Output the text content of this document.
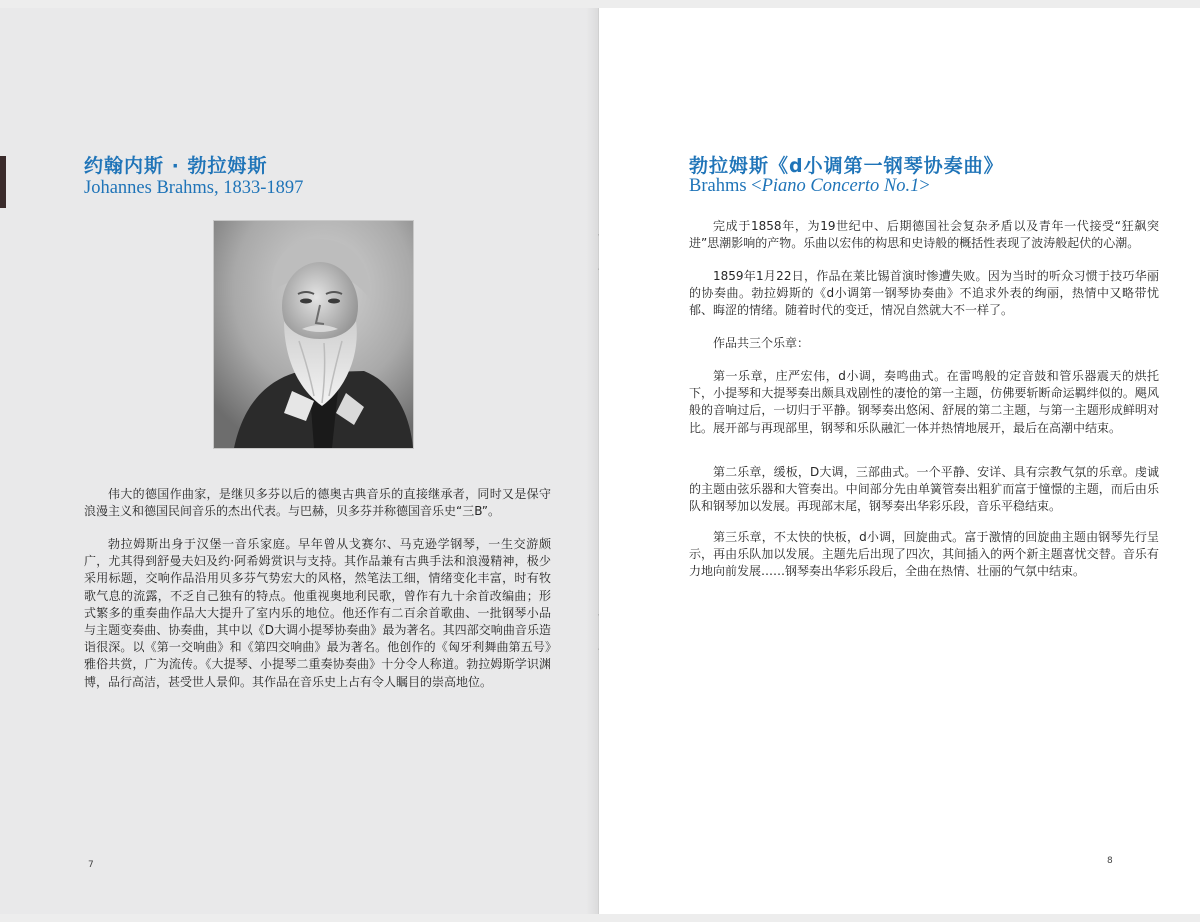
约翰内斯 · 勃拉姆斯
Johannes Brahms, 1833-1897

伟大的德国作曲家，是继贝多芬以后的德奥古典音乐的直接继承者，同时又是保守浪漫主义和德国民间音乐的杰出代表。与巴赫，贝多芬并称德国音乐史“三B”。

勃拉姆斯出身于汉堡一音乐家庭。早年曾从戈赛尔、马克逊学钢琴，一生交游颇广，尤其得到舒曼夫妇及约·阿希姆赏识与支持。其作品兼有古典手法和浪漫精神，极少采用标题，交响作品沿用贝多芬气势宏大的风格，然笔法工细，情绪变化丰富，时有牧歌气息的流露，不乏自己独有的特点。他重视奥地利民歌，曾作有九十余首改编曲；形式繁多的重奏曲作品大大提升了室内乐的地位。他还作有二百余首歌曲、一批钢琴小品与主题变奏曲、协奏曲，其中以《D大调小提琴协奏曲》最为著名。其四部交响曲音乐造诣很深。以《第一交响曲》和《第四交响曲》最为著名。他创作的《匈牙利舞曲第五号》雅俗共赏，广为流传。《大提琴、小提琴二重奏协奏曲》十分令人称道。勃拉姆斯学识渊博，品行高洁，甚受世人景仰。其作品在音乐史上占有令人瞩目的崇高地位。

7
勃拉姆斯《d小调第一钢琴协奏曲》
Brahms <Piano Concerto No.1>

完成于1858年，为19世纪中、后期德国社会复杂矛盾以及青年一代接受“狂飙突进”思潮影响的产物。乐曲以宏伟的构思和史诗般的概括性表现了波涛般起伏的心潮。

1859年1月22日，作品在莱比锡首演时惨遭失败。因为当时的听众习惯于技巧华丽的协奏曲。勃拉姆斯的《d小调第一钢琴协奏曲》不追求外表的绚丽，热情中又略带忧郁、晦涩的情绪。随着时代的变迁，情况自然就大不一样了。

作品共三个乐章：

第一乐章，庄严宏伟，d小调，奏鸣曲式。在雷鸣般的定音鼓和管乐器震天的烘托下，小提琴和大提琴奏出颇具戏剧性的凄怆的第一主题，仿佛要斩断命运羁绊似的。飓风般的音响过后，一切归于平静。钢琴奏出悠闲、舒展的第二主题，与第一主题形成鲜明对比。展开部与再现部里，钢琴和乐队融汇一体并热情地展开，最后在高潮中结束。

第二乐章，缓板，D大调，三部曲式。一个平静、安详、具有宗教气氛的乐章。虔诚的主题由弦乐器和大管奏出。中间部分先由单簧管奏出粗犷而富于憧憬的主题，而后由乐队和钢琴加以发展。再现部末尾，钢琴奏出华彩乐段，音乐平稳结束。

第三乐章，不太快的快板，d小调，回旋曲式。富于激情的回旋曲主题由钢琴先行呈示，再由乐队加以发展。主题先后出现了四次，其间插入的两个新主题喜忧交替。音乐有力地向前发展……钢琴奏出华彩乐段后，全曲在热情、壮丽的气氛中结束。

8
